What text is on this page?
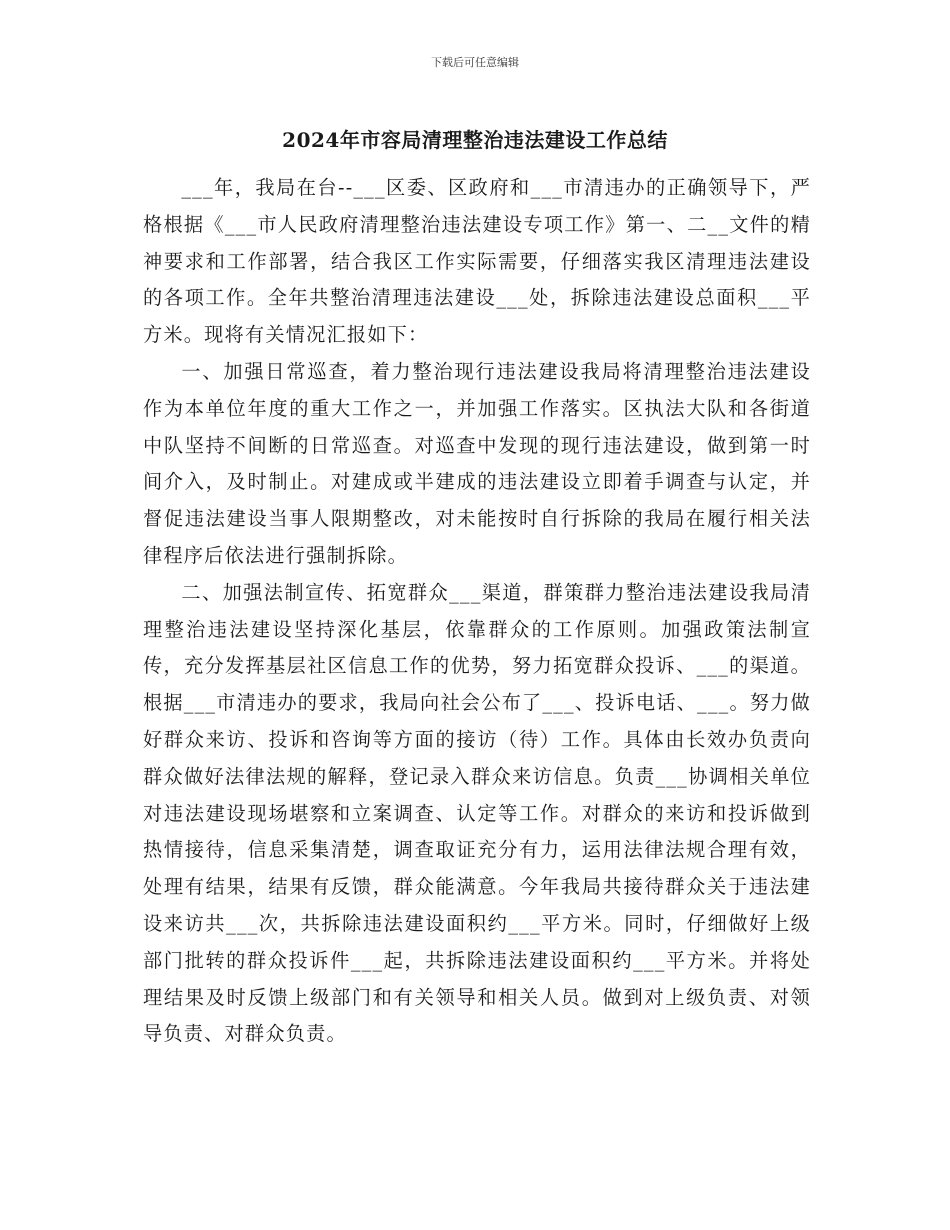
下载后可任意编辑
2024年市容局清理整治违法建设工作总结

___年，我局在台--___区委、区政府和___市清违办的正确领导下，严格根据《___市人民政府清理整治违法建设专项工作》第一、二__文件的精神要求和工作部署，结合我区工作实际需要，仔细落实我区清理违法建设的各项工作。全年共整治清理违法建设___处，拆除违法建设总面积___平方米。现将有关情况汇报如下：

一、加强日常巡查，着力整治现行违法建设我局将清理整治违法建设作为本单位年度的重大工作之一，并加强工作落实。区执法大队和各街道中队坚持不间断的日常巡查。对巡查中发现的现行违法建设，做到第一时间介入，及时制止。对建成或半建成的违法建设立即着手调查与认定，并督促违法建设当事人限期整改，对未能按时自行拆除的我局在履行相关法律程序后依法进行强制拆除。

二、加强法制宣传、拓宽群众___渠道，群策群力整治违法建设我局清理整治违法建设坚持深化基层，依靠群众的工作原则。加强政策法制宣传，充分发挥基层社区信息工作的优势，努力拓宽群众投诉、___的渠道。根据___市清违办的要求，我局向社会公布了___、投诉电话、___。努力做好群众来访、投诉和咨询等方面的接访（待）工作。具体由长效办负责向群众做好法律法规的解释，登记录入群众来访信息。负责___协调相关单位对违法建设现场堪察和立案调查、认定等工作。对群众的来访和投诉做到热情接待，信息采集清楚，调查取证充分有力，运用法律法规合理有效，处理有结果，结果有反馈，群众能满意。今年我局共接待群众关于违法建设来访共___次，共拆除违法建设面积约___平方米。同时，仔细做好上级部门批转的群众投诉件___起，共拆除违法建设面积约___平方米。并将处理结果及时反馈上级部门和有关领导和相关人员。做到对上级负责、对领导负责、对群众负责。
